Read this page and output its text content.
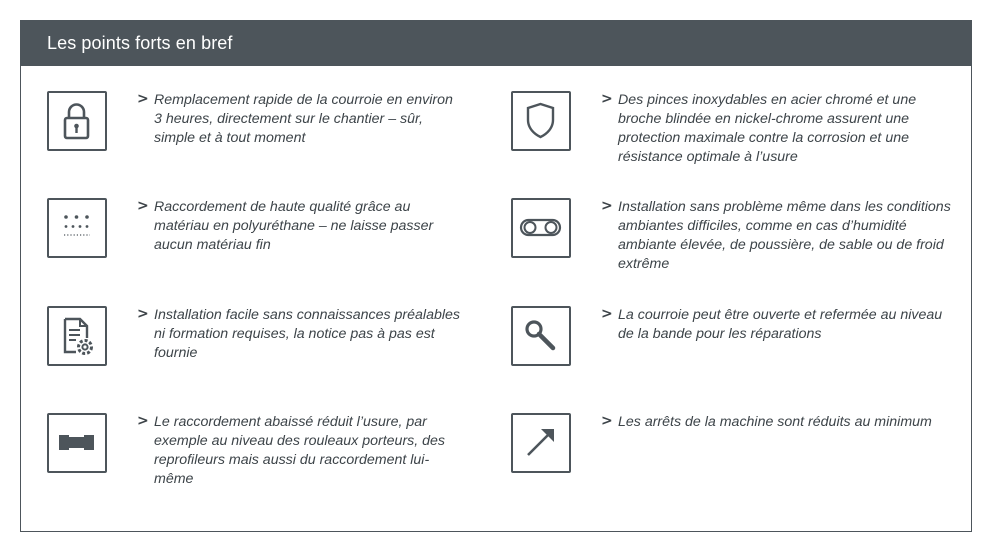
Les points forts en bref
> Remplacement rapide de la courroie en environ 3 heures, directement sur le chantier – sûr, simple et à tout moment
> Raccordement de haute qualité grâce au matériau en polyuréthane – ne laisse passer aucun matériau fin
> Installation facile sans connaissances préalables ni formation requises, la notice pas à pas est fournie
> Le raccordement abaissé réduit l’usure, par exemple au niveau des rouleaux porteurs, des reprofileurs mais aussi du raccordement lui-même
> Des pinces inoxydables en acier chromé et une broche blindée en nickel-chrome assurent une protection maximale contre la corrosion et une résistance optimale à l’usure
> Installation sans problème même dans les conditions ambiantes difficiles, comme en cas d’humidité ambiante élevée, de poussière, de sable ou de froid extrême
> La courroie peut être ouverte et refermée au niveau de la bande pour les réparations
> Les arrêts de la machine sont réduits au minimum
